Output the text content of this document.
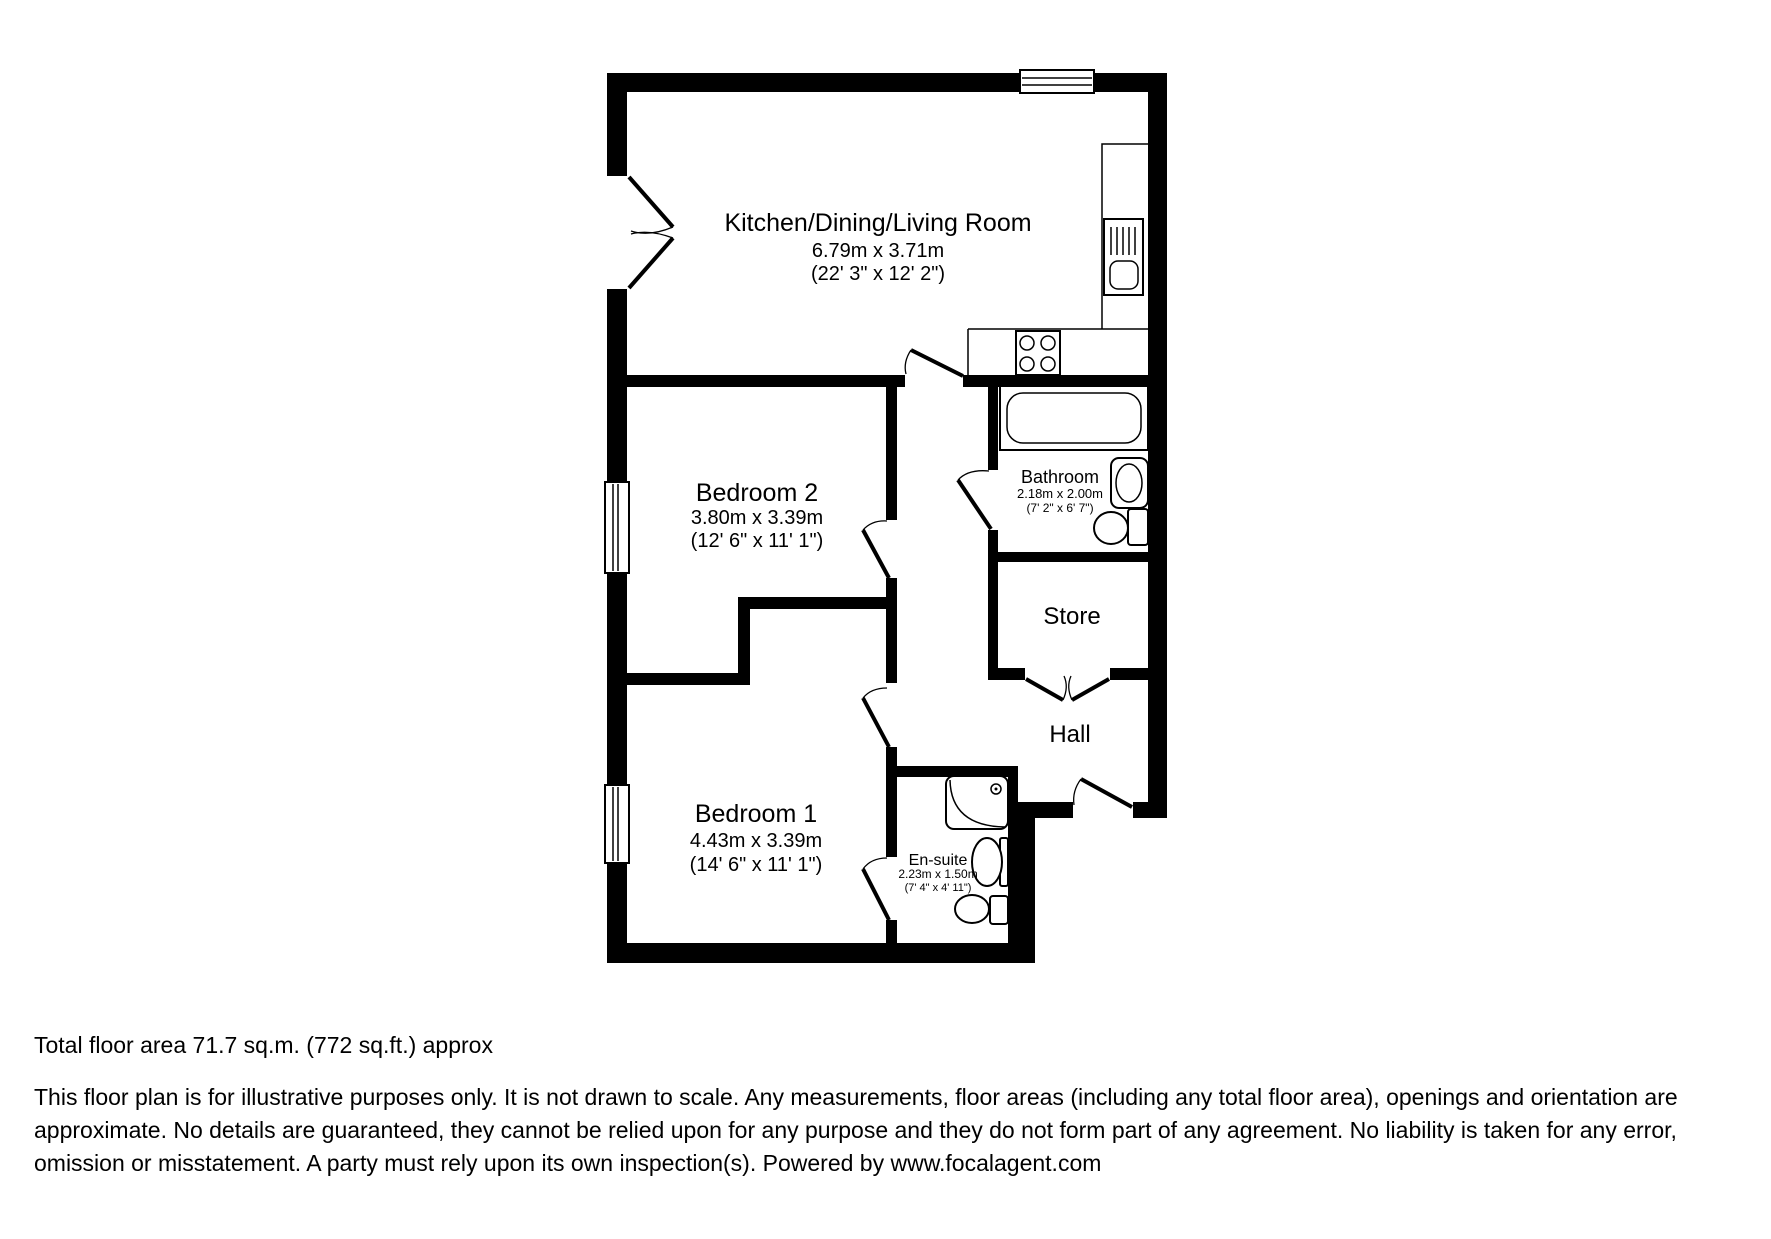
Kitchen/Dining/Living Room
6.79m x 3.71m
(22' 3" x 12' 2")
Bedroom 2
3.80m x 3.39m
(12' 6" x 11' 1")
Bathroom
2.18m x 2.00m
(7' 2" x 6' 7")
Store
Hall
Bedroom 1
4.43m x 3.39m
(14' 6" x 11' 1")	En-suite
2.23m x 1.50m
(7' 4" x 4' 11")

Total floor area 71.7 sq.m. (772 sq.ft.) approx

This floor plan is for illustrative purposes only. It is not drawn to scale. Any measurements, floor areas (including any total floor area), openings and orientation are approximate. No details are guaranteed, they cannot be relied upon for any purpose and they do not form part of any agreement. No liability is taken for any error, omission or misstatement. A party must rely upon its own inspection(s). Powered by www.focalagent.com
